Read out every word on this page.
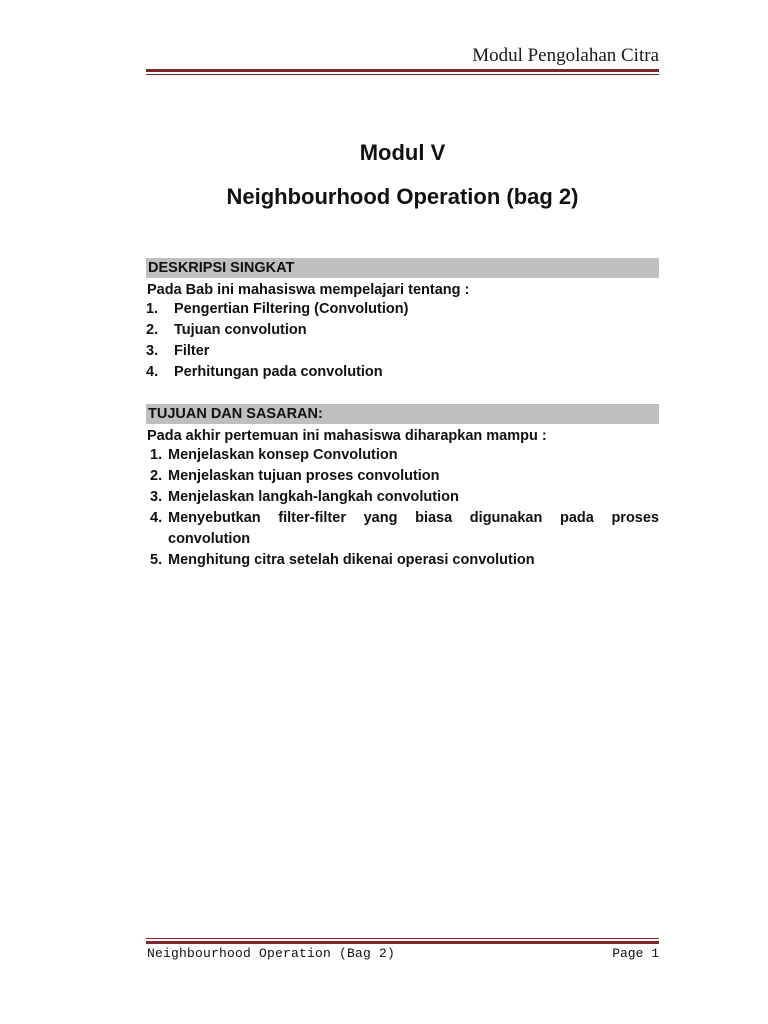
Modul Pengolahan Citra
Modul V
Neighbourhood Operation (bag 2)
DESKRIPSI SINGKAT
Pada Bab ini mahasiswa mempelajari tentang :
1. Pengertian Filtering (Convolution)
2. Tujuan convolution
3. Filter
4. Perhitungan pada convolution
TUJUAN DAN SASARAN:
Pada akhir pertemuan ini mahasiswa diharapkan mampu :
1. Menjelaskan konsep Convolution
2. Menjelaskan tujuan proses convolution
3. Menjelaskan langkah-langkah convolution
4. Menyebutkan filter-filter yang biasa digunakan pada proses convolution
5. Menghitung citra setelah dikenai operasi convolution
Neighbourhood Operation (Bag 2)	Page 1
